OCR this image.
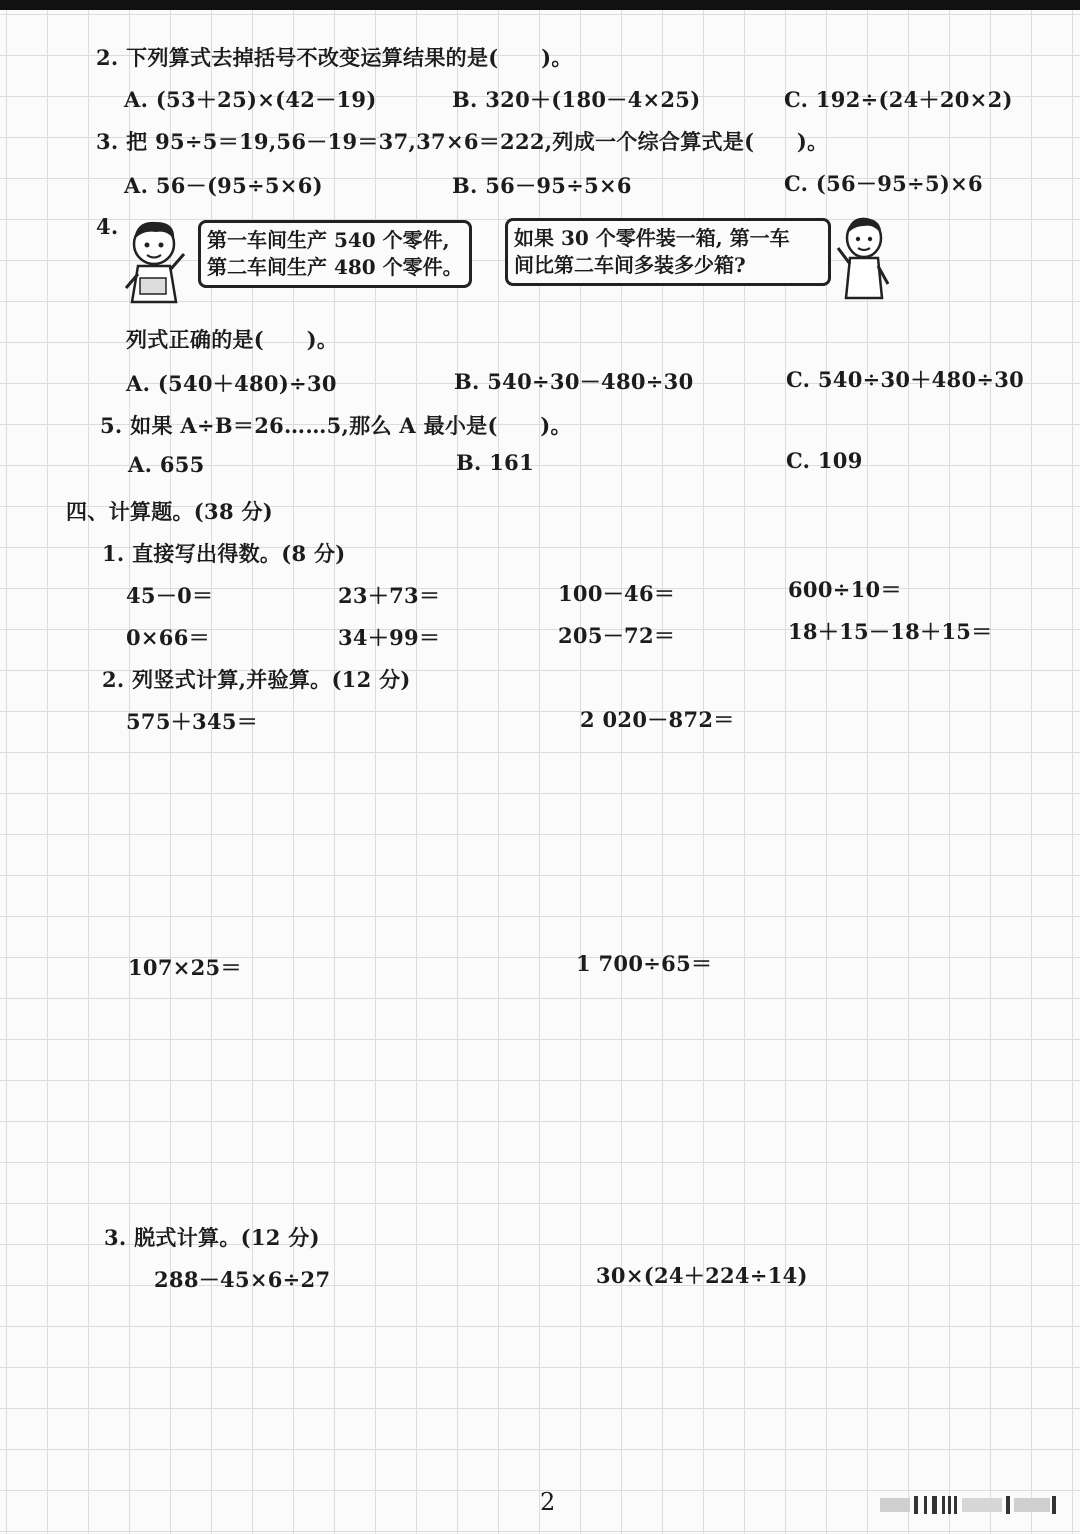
2. 下列算式去掉括号不改变运算结果的是(　　)。
A. (53＋25)×(42－19)	B. 320＋(180－4×25)	C. 192÷(24＋20×2)
3. 把 95÷5＝19,56－19＝37,37×6＝222,列成一个综合算式是(　　)。
A. 56－(95÷5×6)	B. 56－95÷5×6	C. (56－95÷5)×6
4.
第一车间生产 540 个零件,
第二车间生产 480 个零件。
如果 30 个零件装一箱, 第一车
间比第二车间多装多少箱?
列式正确的是(　　)。
A. (540＋480)÷30	B. 540÷30－480÷30	C. 540÷30＋480÷30
5. 如果 A÷B＝26……5,那么 A 最小是(　　)。
A. 655	B. 161	C. 109
四、计算题。(38 分)
1. 直接写出得数。(8 分)
45－0＝	23＋73＝	100－46＝	600÷10＝
0×66＝	34＋99＝	205－72＝	18＋15－18＋15＝
2. 列竖式计算,并验算。(12 分)
575＋345＝	2 020－872＝
107×25＝	1 700÷65＝
3. 脱式计算。(12 分)
288－45×6÷27	30×(24＋224÷14)
2
